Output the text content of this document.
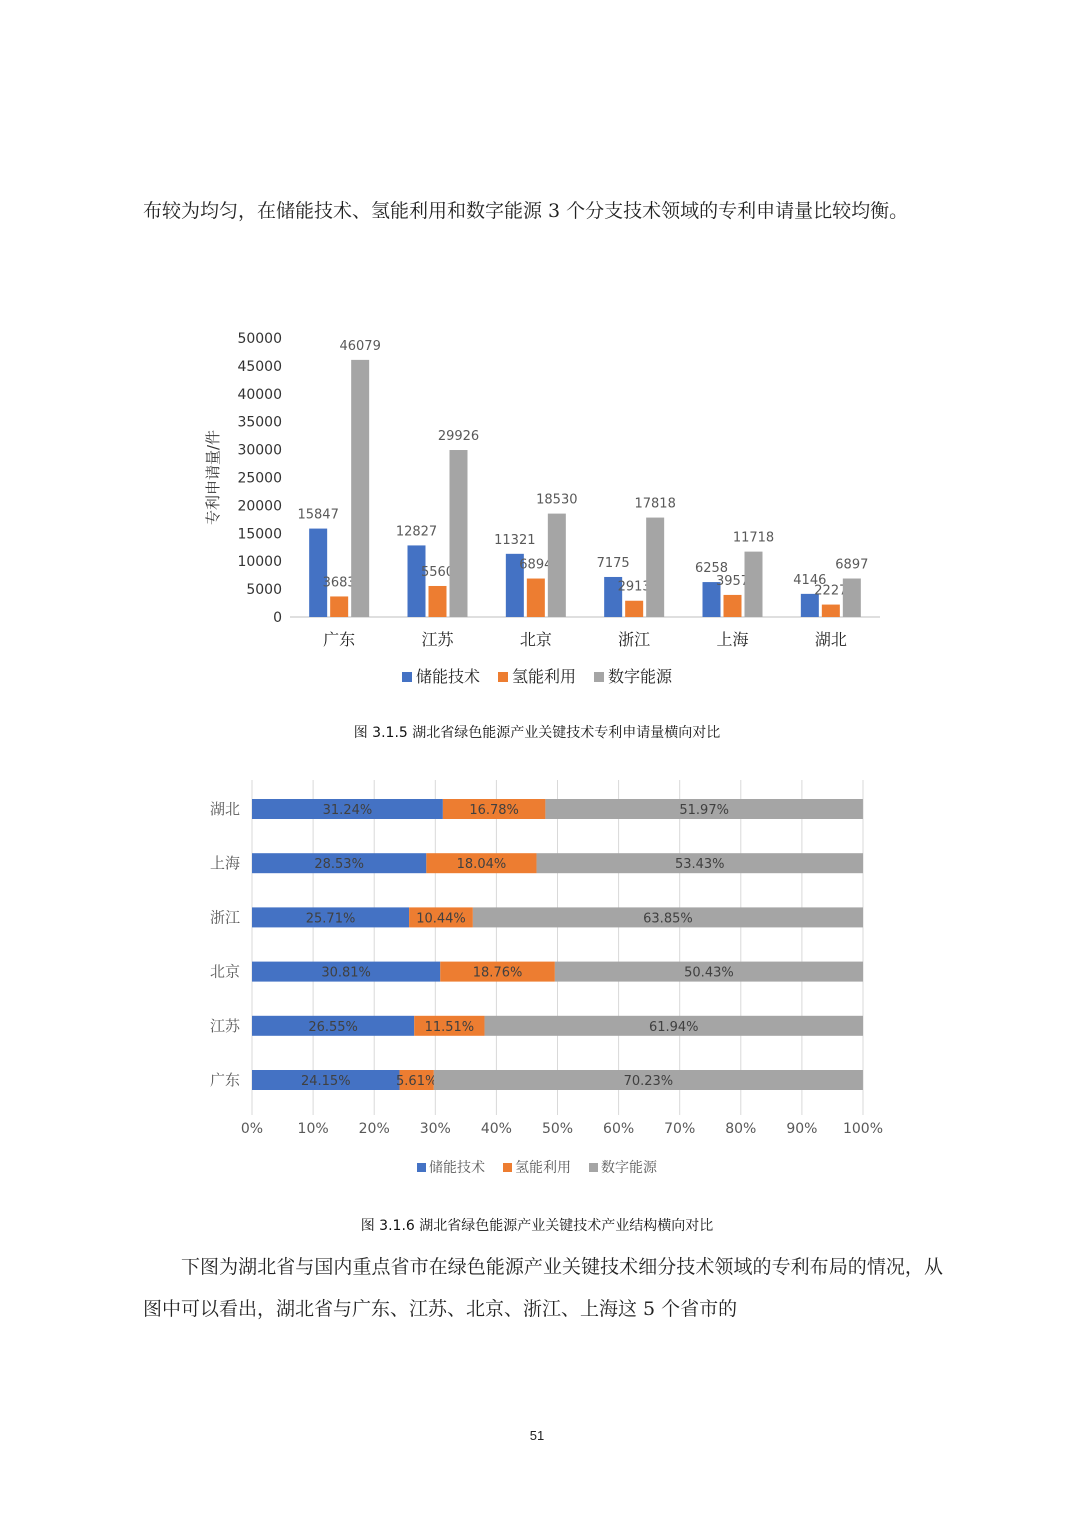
布较为均匀，在储能技术、氢能利用和数字能源 3 个分支技术领域的专利申请量比较均衡。

0
5000
10000
15000
20000
25000
30000
35000
40000
45000
50000
专利申请量/件	15847
3683
46079
广东
12827
5560
29926
江苏
11321
6894
18530
北京
7175
2913
17818
浙江
6258
3957
11718
上海
4146
2227
6897
湖北
储能技术 氢能利用 数字能源
图 3.1.5 湖北省绿色能源产业关键技术专利申请量横向对比
0% 10% 20% 30% 40% 50% 60% 70% 80% 90% 100%
31.24%	16.78%	51.97%
湖北
28.53%	18.04%	53.43%
上海
25.71%	10.44%	63.85%
浙江
30.81%	18.76%	50.43%
北京
26.55%	11.51%	61.94%
江苏
24.15%	5.61%	70.23%
广东
储能技术 氢能利用 数字能源
图 3.1.6 湖北省绿色能源产业关键技术产业结构横向对比

下图为湖北省与国内重点省市在绿色能源产业关键技术细分技术领域的专利布局的情况，从图中可以看出，湖北省与广东、江苏、北京、浙江、上海这 5 个省市的

51
